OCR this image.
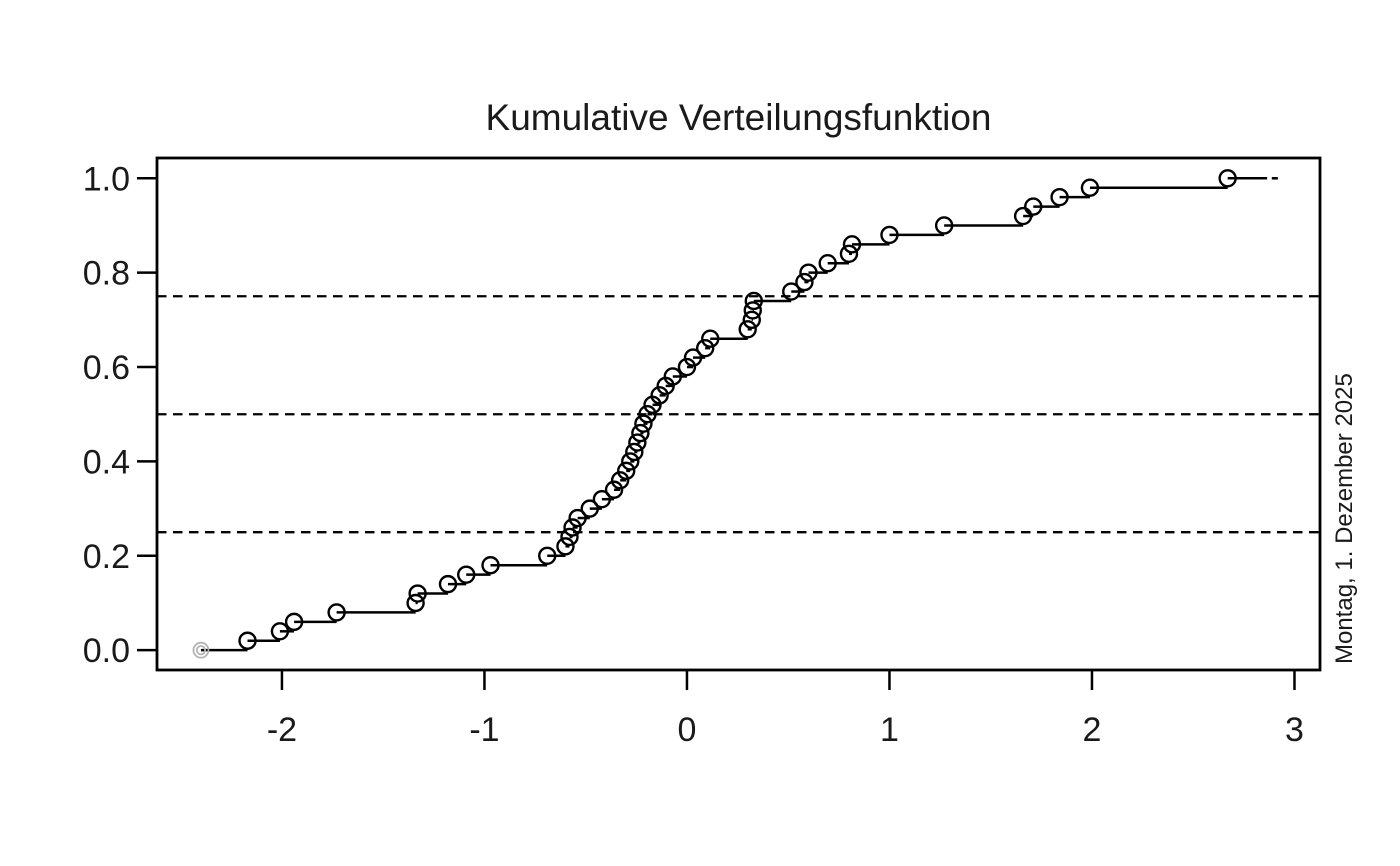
0.0
0.2
0.4
0.6
0.8
1.0
-2	-1	0	1	2	3
Kumulative Verteilungsfunktion
Montag, 1. Dezember 2025
